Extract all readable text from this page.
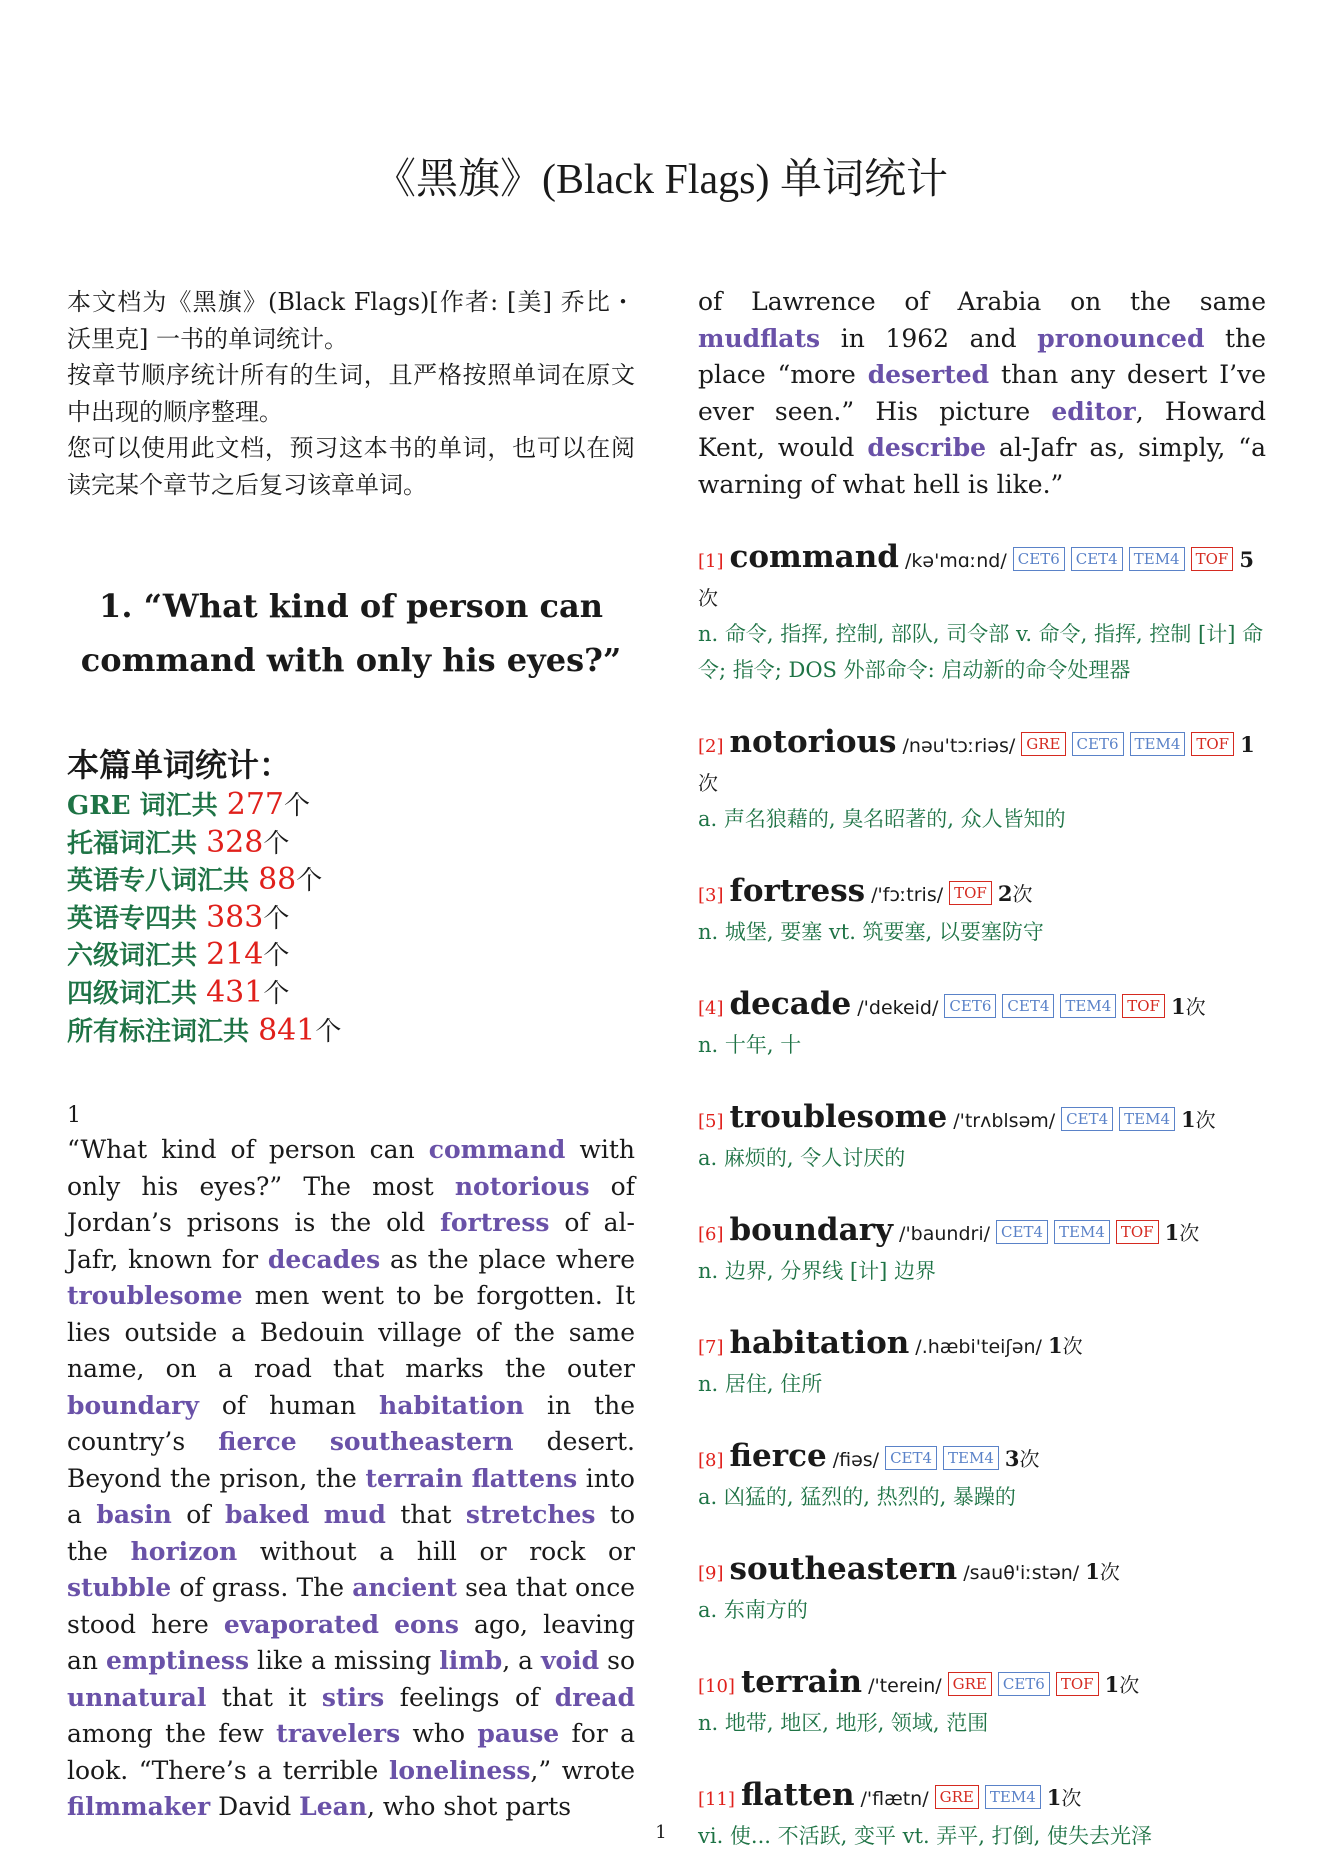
《黑旗》(Black Flags) 单词统计

本文档为《黑旗》(Black Flags)[作者: [美] 乔比・沃里克] 一书的单词统计。

按章节顺序统计所有的生词，且严格按照单词在原文中出现的顺序整理。

您可以使用此文档，预习这本书的单词，也可以在阅读完某个章节之后复习该章单词。

1. “What kind of person can command with only his eyes?”
本篇单词统计：
GRE 词汇共 277个
托福词汇共 328个
英语专八词汇共 88个
英语专四共 383个
六级词汇共 214个
四级词汇共 431个
所有标注词汇共 841个
1

“What kind of person can command with only his eyes?” The most notorious of Jordan’s prisons is the old fortress of al-Jafr, known for decades as the place where troublesome men went to be forgotten. It lies outside a Bedouin village of the same name, on a road that marks the outer boundary of human habitation in the country’s fierce southeastern desert. Beyond the prison, the terrain flattens into a basin of baked mud that stretches to the horizon without a hill or rock or stubble of grass. The ancient sea that once stood here evaporated eons ago, leaving an emptiness like a missing limb, a void so unnatural that it stirs feelings of dread among the few travelers who pause for a look. “There’s a terrible loneliness,” wrote filmmaker David Lean, who shot parts

of Lawrence of Arabia on the same mudflats in 1962 and pronounced the place “more deserted than any desert I’ve ever seen.” His picture editor, Howard Kent, would describe al-Jafr as, simply, “a warning of what hell is like.”

[1] command /kə'mɑːnd/ CET6 CET4 TEM4 TOF 5次
n. 命令, 指挥, 控制, 部队, 司令部 v. 命令, 指挥, 控制 [计] 命令; 指令; DOS 外部命令: 启动新的命令处理器
[2] notorious /nəu'tɔːriəs/ GRE CET6 TEM4 TOF 1次
a. 声名狼藉的, 臭名昭著的, 众人皆知的
[3] fortress /'fɔːtris/ TOF 2次
n. 城堡, 要塞 vt. 筑要塞, 以要塞防守
[4] decade /'dekeid/ CET6 CET4 TEM4 TOF 1次
n. 十年, 十
[5] troublesome /'trʌblsəm/ CET4 TEM4 1次
a. 麻烦的, 令人讨厌的
[6] boundary /'baundri/ CET4 TEM4 TOF 1次
n. 边界, 分界线 [计] 边界
[7] habitation /.hæbi'teiʃən/ 1次
n. 居住, 住所
[8] fierce /fiəs/ CET4 TEM4 3次
a. 凶猛的, 猛烈的, 热烈的, 暴躁的
[9] southeastern /sauθ'iːstən/ 1次
a. 东南方的
[10] terrain /'terein/ GRE CET6 TOF 1次
n. 地带, 地区, 地形, 领域, 范围
[11] flatten /'flætn/ GRE TEM4 1次
vi. 使... 不活跃, 变平 vt. 弄平, 打倒, 使失去光泽
1
